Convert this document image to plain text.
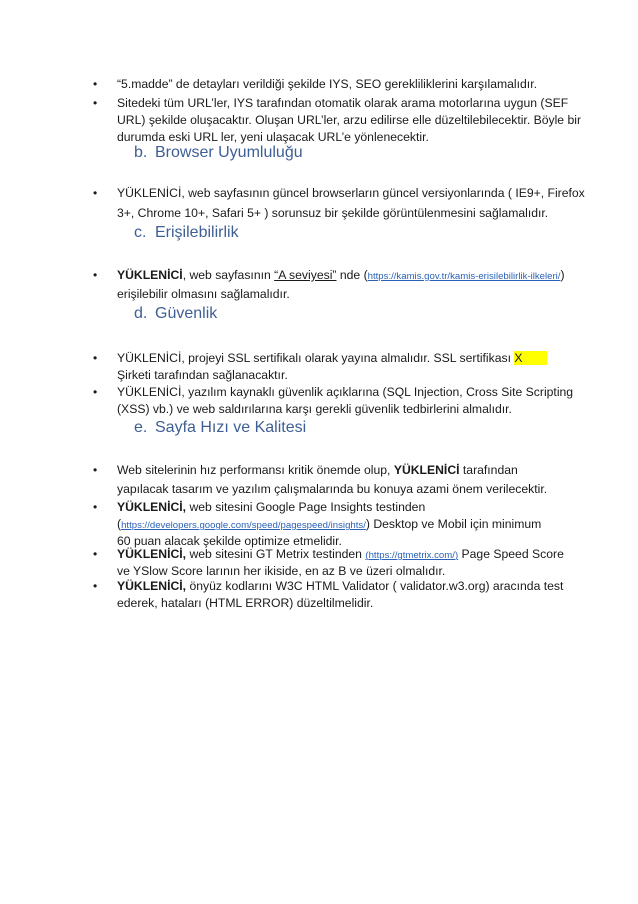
• “5.madde” de detayları verildiği şekilde IYS, SEO gerekliliklerini karşılamalıdır.
• Sitedeki tüm URL’ler, IYS tarafından otomatik olarak arama motorlarına uygun (SEF
URL) şekilde oluşacaktır. Oluşan URL’ler, arzu edilirse elle düzeltilebilecektir. Böyle bir
durumda eski URL ler, yeni ulaşacak URL’e yönlenecektir.
b. Browser Uyumluluğu
• YÜKLENİCİ, web sayfasının güncel browserların güncel versiyonlarında ( IE9+, Firefox
3+, Chrome 10+, Safari 5+ ) sorunsuz bir şekilde görüntülenmesini sağlamalıdır.
c. Erişilebilirlik
• YÜKLENİCİ, web sayfasının “A seviyesi” nde (https://kamis.gov.tr/kamis-erisilebilirlik-ilkeleri/)
erişilebilir olmasını sağlamalıdır.
d. Güvenlik
• YÜKLENİCİ, projeyi SSL sertifikalı olarak yayına almalıdır. SSL sertifikası X
Şirketi tarafından sağlanacaktır.
• YÜKLENİCİ, yazılım kaynaklı güvenlik açıklarına (SQL Injection, Cross Site Scripting
(XSS) vb.) ve web saldırılarına karşı gerekli güvenlik tedbirlerini almalıdır.
e. Sayfa Hızı ve Kalitesi
• Web sitelerinin hız performansı kritik önemde olup, YÜKLENİCİ tarafından
yapılacak tasarım ve yazılım çalışmalarında bu konuya azami önem verilecektir.
• YÜKLENİCİ, web sitesini Google Page Insights testinden
(https://developers.google.com/speed/pagespeed/insights/) Desktop ve Mobil için minimum
60 puan alacak şekilde optimize etmelidir.
• YÜKLENİCİ, web sitesini GT Metrix testinden (https://gtmetrix.com/) Page Speed Score
ve YSlow Score larının her ikiside, en az B ve üzeri olmalıdır.
• YÜKLENİCİ, önyüz kodlarını W3C HTML Validator ( validator.w3.org) aracında test
ederek, hataları (HTML ERROR) düzeltilmelidir.
